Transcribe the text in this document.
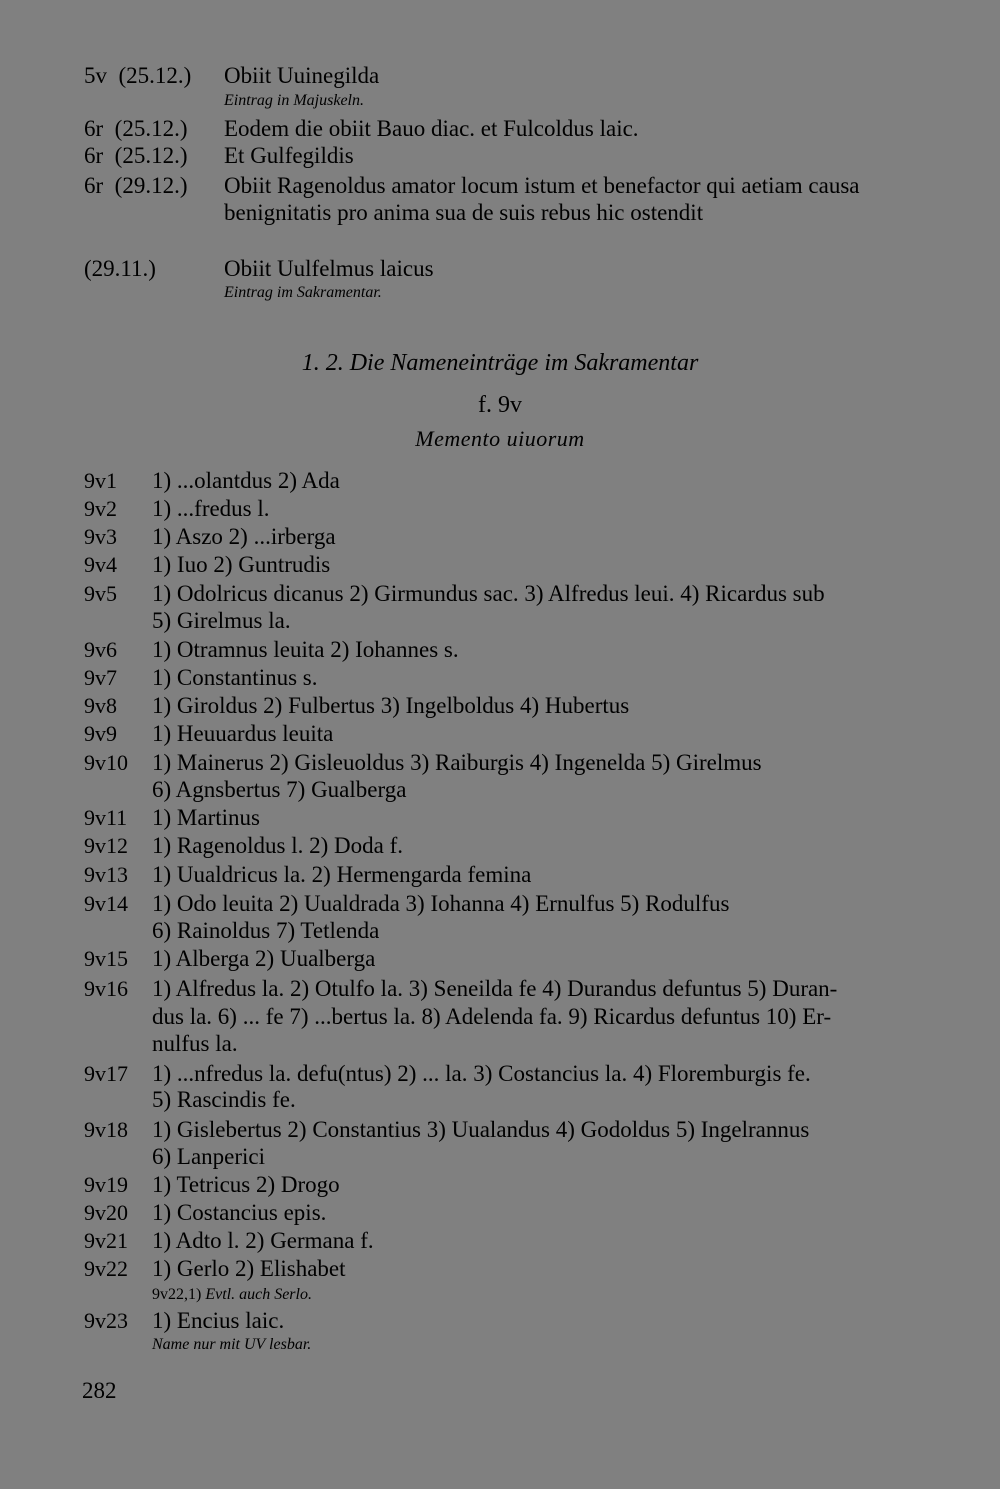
5v (25.12.) Obiit Uuinegilda
Eintrag in Majuskeln.
6r (25.12.) Eodem die obiit Bauo diac. et Fulcoldus laic.
6r (25.12.) Et Gulfegildis
6r (29.12.) Obiit Ragenoldus amator locum istum et benefactor qui aetiam causa
benignitatis pro anima sua de suis rebus hic ostendit
(29.11.)	Obiit Uulfelmus laicus
Eintrag im Sakramentar.
1. 2. Die Nameneinträge im Sakramentar
f. 9v
Memento uiuorum
9v1 1) ...olantdus 2) Ada
9v2 1) ...fredus l.
9v3 1) Aszo 2) ...irberga
9v4 1) Iuo 2) Guntrudis
9v5 1) Odolricus dicanus 2) Girmundus sac. 3) Alfredus leui. 4) Ricardus sub
5) Girelmus la.
9v6 1) Otramnus leuita 2) Iohannes s.
9v7 1) Constantinus s.
9v8 1) Giroldus 2) Fulbertus 3) Ingelboldus 4) Hubertus
9v9 1) Heuuardus leuita
9v10 1) Mainerus 2) Gisleuoldus 3) Raiburgis 4) Ingenelda 5) Girelmus
6) Agnsbertus 7) Gualberga
9v11 1) Martinus
9v12 1) Ragenoldus l. 2) Doda f.
9v13 1) Uualdricus la. 2) Hermengarda femina
9v14 1) Odo leuita 2) Uualdrada 3) Iohanna 4) Ernulfus 5) Rodulfus
6) Rainoldus 7) Tetlenda
9v15 1) Alberga 2) Uualberga
9v16 1) Alfredus la. 2) Otulfo la. 3) Seneilda fe 4) Durandus defuntus 5) Duran-
dus la. 6) ... fe 7) ...bertus la. 8) Adelenda fa. 9) Ricardus defuntus 10) Er-
nulfus la.
9v17 1) ...nfredus la. defu(ntus) 2) ... la. 3) Costancius la. 4) Floremburgis fe.
5) Rascindis fe.
9v18 1) Gislebertus 2) Constantius 3) Uualandus 4) Godoldus 5) Ingelrannus
6) Lanperici
9v19 1) Tetricus 2) Drogo
9v20 1) Costancius epis.
9v21 1) Adto l. 2) Germana f.
9v22 1) Gerlo 2) Elishabet
9v22,1) Evtl. auch Serlo.
9v23 1) Encius laic.
Name nur mit UV lesbar.
282
